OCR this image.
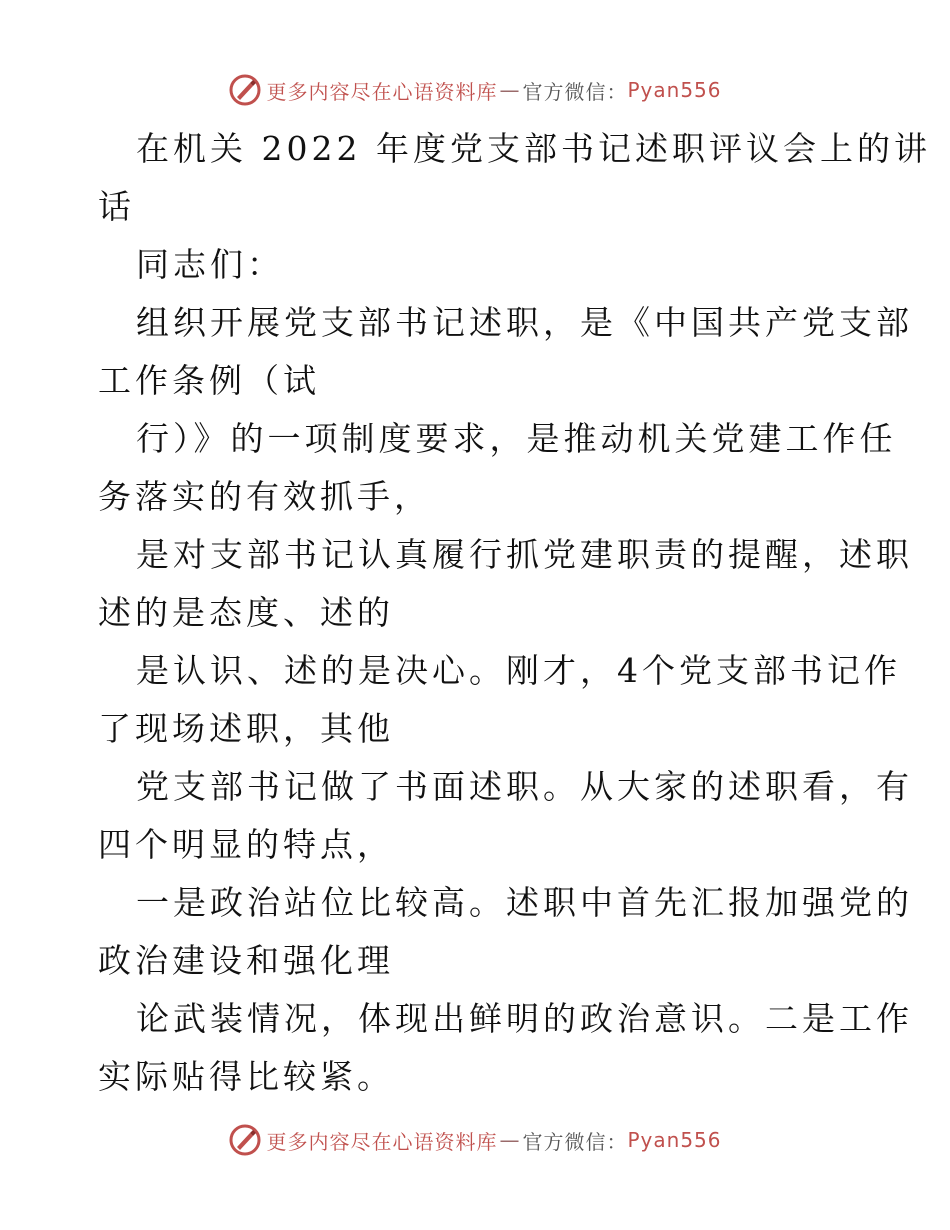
更多内容尽在心语资料库 — 官方微信： Pyan556
在机关 2022 年度党支部书记述职评议会上的讲
话
同志们：
组织开展党支部书记述职，是《中国共产党支部
工作条例（试
行）》的一项制度要求，是推动机关党建工作任
务落实的有效抓手，
是对支部书记认真履行抓党建职责的提醒，述职
述的是态度、述的
是认识、述的是决心。刚才，4个党支部书记作
了现场述职，其他
党支部书记做了书面述职。从大家的述职看，有
四个明显的特点，
一是政治站位比较高。述职中首先汇报加强党的
政治建设和强化理
论武装情况，体现出鲜明的政治意识。二是工作
实际贴得比较紧。
更多内容尽在心语资料库 — 官方微信： Pyan556
